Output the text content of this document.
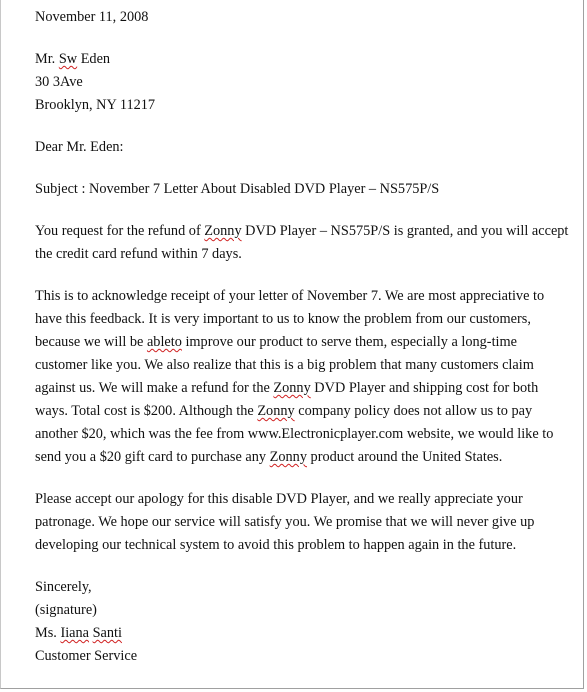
November 11, 2008

Mr. Sw Eden

30 3Ave

Brooklyn, NY 11217

Dear Mr. Eden:

Subject : November 7 Letter About Disabled DVD Player – NS575P/S

You request for the refund of Zonny DVD Player – NS575P/S is granted, and you will accept the credit card refund within 7 days.

This is to acknowledge receipt of your letter of November 7. We are most appreciative to have this feedback. It is very important to us to know the problem from our customers, because we will be ableto improve our product to serve them, especially a long-time customer like you. We also realize that this is a big problem that many customers claim against us. We will make a refund for the Zonny DVD Player and shipping cost for both ways. Total cost is $200. Although the Zonny company policy does not allow us to pay another $20, which was the fee from www.Electronicplayer.com website, we would like to send you a $20 gift card to purchase any Zonny product around the United States.

Please accept our apology for this disable DVD Player, and we really appreciate your patronage. We hope our service will satisfy you. We promise that we will never give up developing our technical system to avoid this problem to happen again in the future.

Sincerely,

(signature)

Ms. Iiana Santi

Customer Service
